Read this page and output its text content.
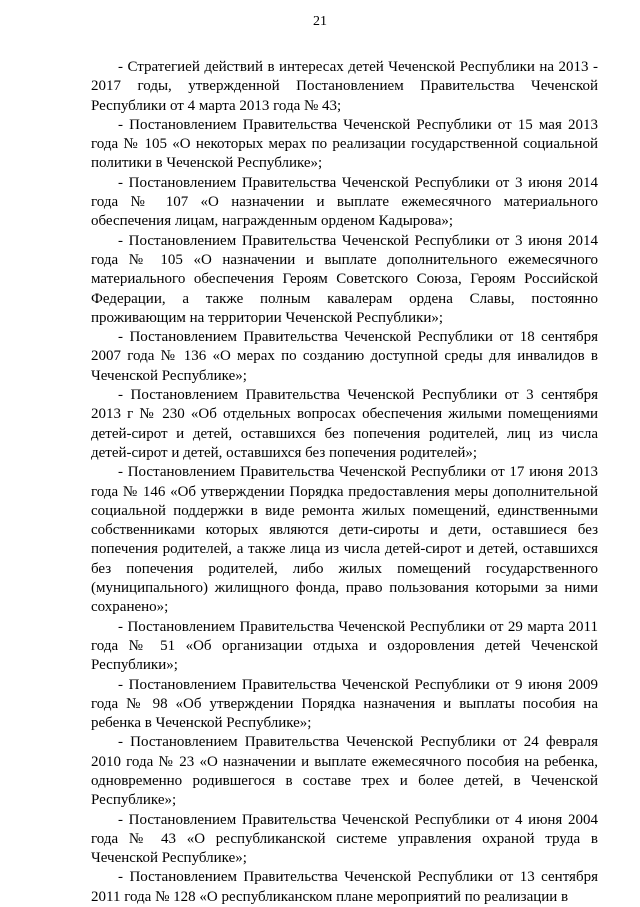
21

- Стратегией действий в интересах детей Чеченской Республики на 2013 - 2017 годы, утвержденной Постановлением Правительства Чеченской Республики от 4 марта 2013 года № 43;

- Постановлением Правительства Чеченской Республики от 15 мая 2013 года № 105 «О некоторых мерах по реализации государственной социальной политики в Чеченской Республике»;

- Постановлением Правительства Чеченской Республики от 3 июня 2014 года № 107 «О назначении и выплате ежемесячного материального обеспечения лицам, награжденным орденом Кадырова»;

- Постановлением Правительства Чеченской Республики от 3 июня 2014 года № 105 «О назначении и выплате дополнительного ежемесячного материального обеспечения Героям Советского Союза, Героям Российской Федерации, а также полным кавалерам ордена Славы, постоянно проживающим на территории Чеченской Республики»;

- Постановлением Правительства Чеченской Республики от 18 сентября 2007 года № 136 «О мерах по созданию доступной среды для инвалидов в Чеченской Республике»;

- Постановлением Правительства Чеченской Республики от 3 сентября 2013 г № 230 «Об отдельных вопросах обеспечения жилыми помещениями детей-сирот и детей, оставшихся без попечения родителей, лиц из числа детей-сирот и детей, оставшихся без попечения родителей»;

- Постановлением Правительства Чеченской Республики от 17 июня 2013 года № 146 «Об утверждении Порядка предоставления меры дополнительной социальной поддержки в виде ремонта жилых помещений, единственными собственниками которых являются дети-сироты и дети, оставшиеся без попечения родителей, а также лица из числа детей-сирот и детей, оставшихся без попечения родителей, либо жилых помещений государственного (муниципального) жилищного фонда, право пользования которыми за ними сохранено»;

- Постановлением Правительства Чеченской Республики от 29 марта 2011 года № 51 «Об организации отдыха и оздоровления детей Чеченской Республики»;

- Постановлением Правительства Чеченской Республики от 9 июня 2009 года № 98 «Об утверждении Порядка назначения и выплаты пособия на ребенка в Чеченской Республике»;

- Постановлением Правительства Чеченской Республики от 24 февраля 2010 года № 23 «О назначении и выплате ежемесячного пособия на ребенка, одновременно родившегося в составе трех и более детей, в Чеченской Республике»;

- Постановлением Правительства Чеченской Республики от 4 июня 2004 года № 43 «О республиканской системе управления охраной труда в Чеченской Республике»;

- Постановлением Правительства Чеченской Республики от 13 сентября 2011 года № 128 «О республиканском плане мероприятий по реализации в
